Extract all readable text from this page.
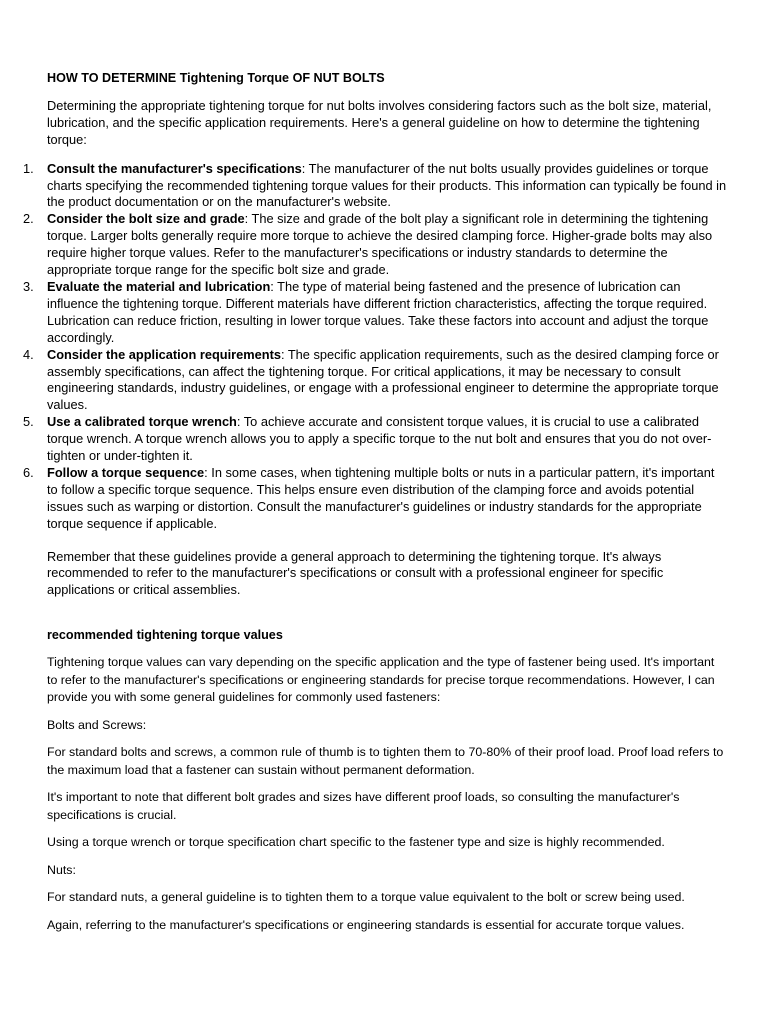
HOW TO DETERMINE Tightening Torque OF NUT BOLTS

Determining the appropriate tightening torque for nut bolts involves considering factors such as the bolt size, material, lubrication, and the specific application requirements. Here's a general guideline on how to determine the tightening torque:

1. Consult the manufacturer's specifications: The manufacturer of the nut bolts usually provides guidelines or torque charts specifying the recommended tightening torque values for their products. This information can typically be found in the product documentation or on the manufacturer's website.
2. Consider the bolt size and grade: The size and grade of the bolt play a significant role in determining the tightening torque. Larger bolts generally require more torque to achieve the desired clamping force. Higher-grade bolts may also require higher torque values. Refer to the manufacturer's specifications or industry standards to determine the appropriate torque range for the specific bolt size and grade.
3. Evaluate the material and lubrication: The type of material being fastened and the presence of lubrication can influence the tightening torque. Different materials have different friction characteristics, affecting the torque required. Lubrication can reduce friction, resulting in lower torque values. Take these factors into account and adjust the torque accordingly.
4. Consider the application requirements: The specific application requirements, such as the desired clamping force or assembly specifications, can affect the tightening torque. For critical applications, it may be necessary to consult engineering standards, industry guidelines, or engage with a professional engineer to determine the appropriate torque values.
5. Use a calibrated torque wrench: To achieve accurate and consistent torque values, it is crucial to use a calibrated torque wrench. A torque wrench allows you to apply a specific torque to the nut bolt and ensures that you do not over-tighten or under-tighten it.
6. Follow a torque sequence: In some cases, when tightening multiple bolts or nuts in a particular pattern, it's important to follow a specific torque sequence. This helps ensure even distribution of the clamping force and avoids potential issues such as warping or distortion. Consult the manufacturer's guidelines or industry standards for the appropriate torque sequence if applicable.

Remember that these guidelines provide a general approach to determining the tightening torque. It's always recommended to refer to the manufacturer's specifications or consult with a professional engineer for specific applications or critical assemblies.

recommended tightening torque values

Tightening torque values can vary depending on the specific application and the type of fastener being used. It's important to refer to the manufacturer's specifications or engineering standards for precise torque recommendations. However, I can provide you with some general guidelines for commonly used fasteners:

Bolts and Screws:

For standard bolts and screws, a common rule of thumb is to tighten them to 70-80% of their proof load. Proof load refers to the maximum load that a fastener can sustain without permanent deformation.

It's important to note that different bolt grades and sizes have different proof loads, so consulting the manufacturer's specifications is crucial.

Using a torque wrench or torque specification chart specific to the fastener type and size is highly recommended.

Nuts:

For standard nuts, a general guideline is to tighten them to a torque value equivalent to the bolt or screw being used.

Again, referring to the manufacturer's specifications or engineering standards is essential for accurate torque values.
